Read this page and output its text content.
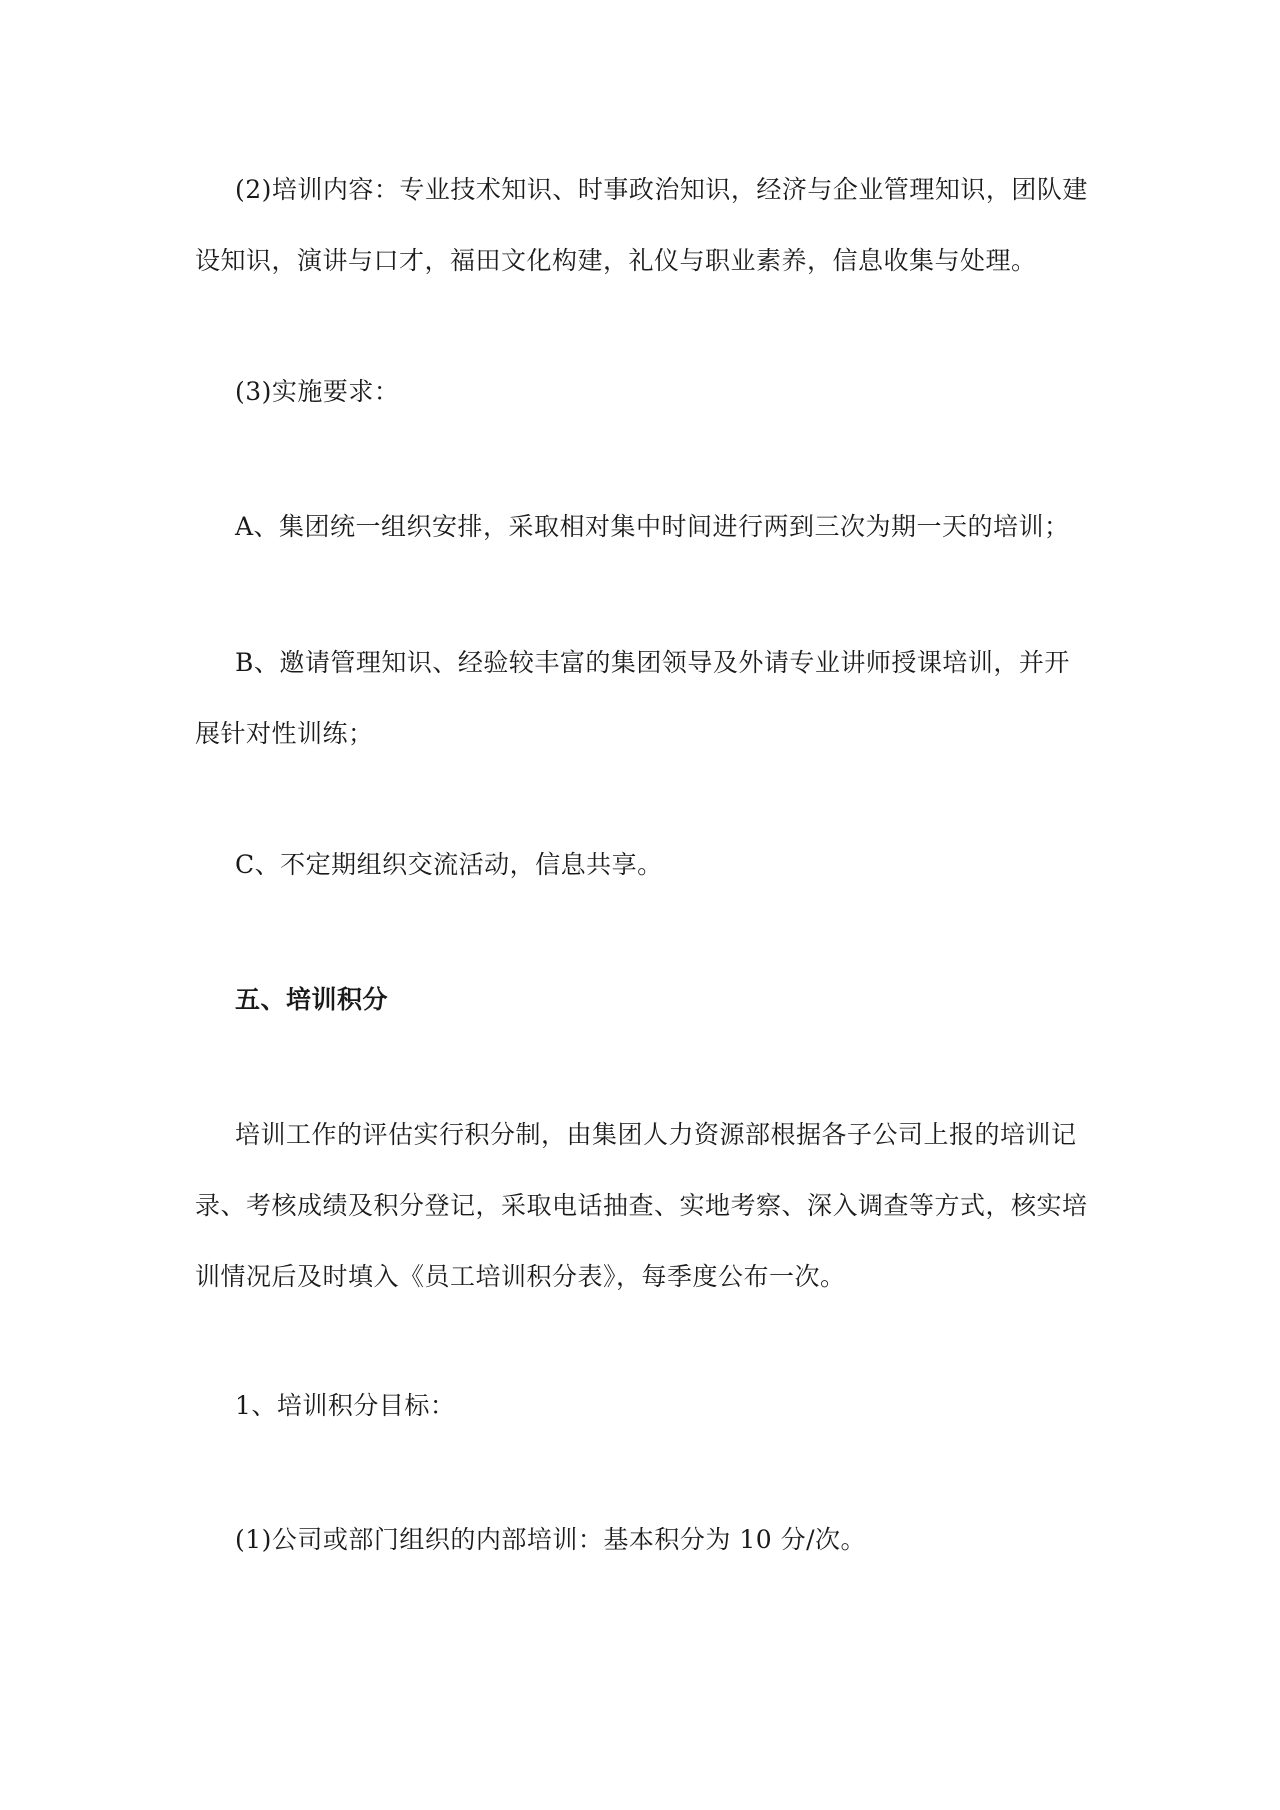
(2)培训内容：专业技术知识、时事政治知识，经济与企业管理知识，团队建
设知识，演讲与口才，福田文化构建，礼仪与职业素养，信息收集与处理。
(3)实施要求：
A、集团统一组织安排，采取相对集中时间进行两到三次为期一天的培训；
B、邀请管理知识、经验较丰富的集团领导及外请专业讲师授课培训，并开
展针对性训练；
C、不定期组织交流活动，信息共享。
五、培训积分
培训工作的评估实行积分制，由集团人力资源部根据各子公司上报的培训记
录、考核成绩及积分登记，采取电话抽查、实地考察、深入调查等方式，核实培
训情况后及时填入《员工培训积分表》，每季度公布一次。
1、培训积分目标：
(1)公司或部门组织的内部培训：基本积分为 10 分/次。
